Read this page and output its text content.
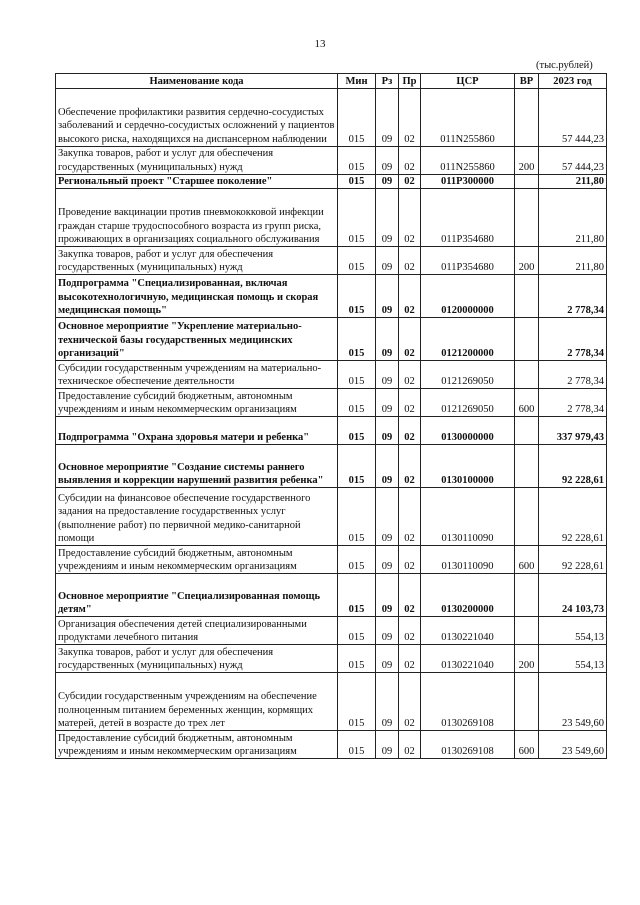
13
(тыс.рублей)
Наименование кода	Мин	Рз	Пр	ЦСР	ВР	2023 год
Обеспечение профилактики развития сердечно-сосудистых заболеваний и сердечно-сосудистых осложнений у пациентов высокого риска, находящихся на диспансерном наблюдении	015	09	02	011N255860		57 444,23
Закупка товаров, работ и услуг для обеспечения государственных (муниципальных) нужд	015	09	02	011N255860	200	57 444,23
Региональный проект "Старшее поколение"	015	09	02	011P300000		211,80
Проведение вакцинации против пневмококковой инфекции граждан старше трудоспособного возраста из групп риска, проживающих в организациях социального обслуживания	015	09	02	011P354680		211,80
Закупка товаров, работ и услуг для обеспечения государственных (муниципальных) нужд	015	09	02	011P354680	200	211,80
Подпрограмма "Специализированная, включая высокотехнологичную, медицинская помощь и скорая медицинская помощь"	015	09	02	0120000000		2 778,34
Основное мероприятие "Укрепление материально-технической базы государственных медицинских организаций"	015	09	02	0121200000		2 778,34
Субсидии государственным учреждениям на материально-техническое обеспечение деятельности	015	09	02	0121269050		2 778,34
Предоставление субсидий бюджетным, автономным учреждениям и иным некоммерческим организациям	015	09	02	0121269050	600	2 778,34
Подпрограмма "Охрана здоровья матери и ребенка"	015	09	02	0130000000		337 979,43
Основное мероприятие "Создание системы раннего выявления и коррекции нарушений развития ребенка"	015	09	02	0130100000		92 228,61
Субсидии на финансовое обеспечение государственного задания на предоставление государственных услуг (выполнение работ) по первичной медико-санитарной помощи	015	09	02	0130110090		92 228,61
Предоставление субсидий бюджетным, автономным учреждениям и иным некоммерческим организациям	015	09	02	0130110090	600	92 228,61
Основное мероприятие "Специализированная помощь детям"	015	09	02	0130200000		24 103,73
Организация обеспечения детей специализированными продуктами лечебного питания	015	09	02	0130221040		554,13
Закупка товаров, работ и услуг для обеспечения государственных (муниципальных) нужд	015	09	02	0130221040	200	554,13
Субсидии государственным учреждениям на обеспечение полноценным питанием беременных женщин, кормящих матерей, детей в возрасте до трех лет	015	09	02	0130269108		23 549,60
Предоставление субсидий бюджетным, автономным учреждениям и иным некоммерческим организациям	015	09	02	0130269108	600	23 549,60
